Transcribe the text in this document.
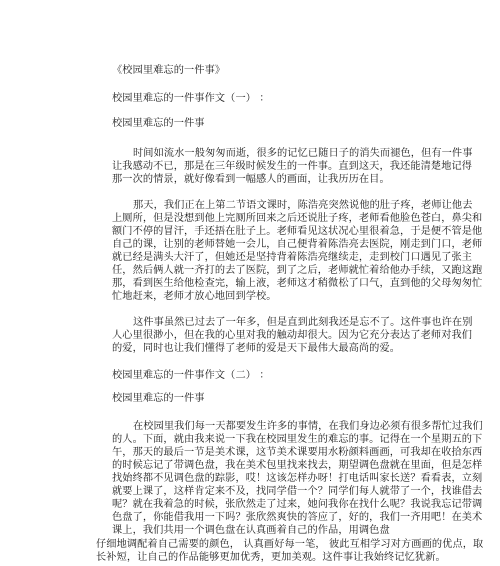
《校园里难忘的一件事》
校园里难忘的一件事作文（一） ：
校园里难忘的一件事
时间如流水一般匆匆而逝，很多的记忆已随日子的消失而褪色，但有一件事
让我感动不已，那是在三年级时候发生的一件事。直到这天，我还能清楚地记得
那一次的情景，就好像看到一幅感人的画面，让我历历在目。
那天，我们正在上第二节语文课时，陈浩亮突然说他的肚子疼，老师让他去
上厕所，但是没想到他上完厕所回来之后还说肚子疼，老师看他脸色苍白，鼻尖和
额门不停的冒汗，手还捂在肚子上。老师看见这状况心里很着急，于是便不管是他
自己的课，让别的老师替她一会儿，自己便背着陈浩亮去医院，刚走到门口，老师
就已经是满头大汗了，但她还是坚持背着陈浩亮继续走，走到校门口遇见了张主
任，然后俩人就一齐打的去了医院，到了之后，老师就忙着给他办手续，又跑这跑
那，看到医生给他检查完，输上液，老师这才稍微松了口气，直到他的父母匆匆忙
忙地赶来，老师才放心地回到学校。
这件事虽然已过去了一年多，但是直到此刻我还是忘不了。这件事也许在别
人心里很渺小，但在我的心里对我的触动却很大。因为它充分表达了老师对我们
的爱，同时也让我们懂得了老师的爱是天下最伟大最高尚的爱。
校园里难忘的一件事作文（二） ：
校园里难忘的一件事
在校园里我们每一天都要发生许多的事情，在我们身边必须有很多帮忙过我们
的人。下面，就由我来说一下我在校园里发生的难忘的事。记得在一个星期五的下
午，那天的最后一节是美术课，这节美术课要用水粉颜料画画，可我却在收拾东西
的时候忘记了带调色盘，我在美术包里找来找去，期望调色盘就在里面，但是怎样
找始终都不见调色盘的踪影，哎！这该怎样办呀！打电话叫家长送？看看表，立刻
就要上课了，这样肯定来不及，找同学借一个？同学们每人就带了一个，找谁借去
呢？就在我着急的时候，张欣然走了过来，她问我你在找什么呢？我说我忘记带调
色盘了，你能借我用一下吗？张欣然爽快的答应了，好的，我们一齐用吧！在美术
课上，我们共用一个调色盘在认真画着自己的作品，用调色盘
仔细地调配着自己需要的颜色， 认真画好每一笔， 彼此互相学习对方画画的优点，取
长补短，让自己的作品能够更加优秀，更加美观。这件事让我始终记忆犹新。
